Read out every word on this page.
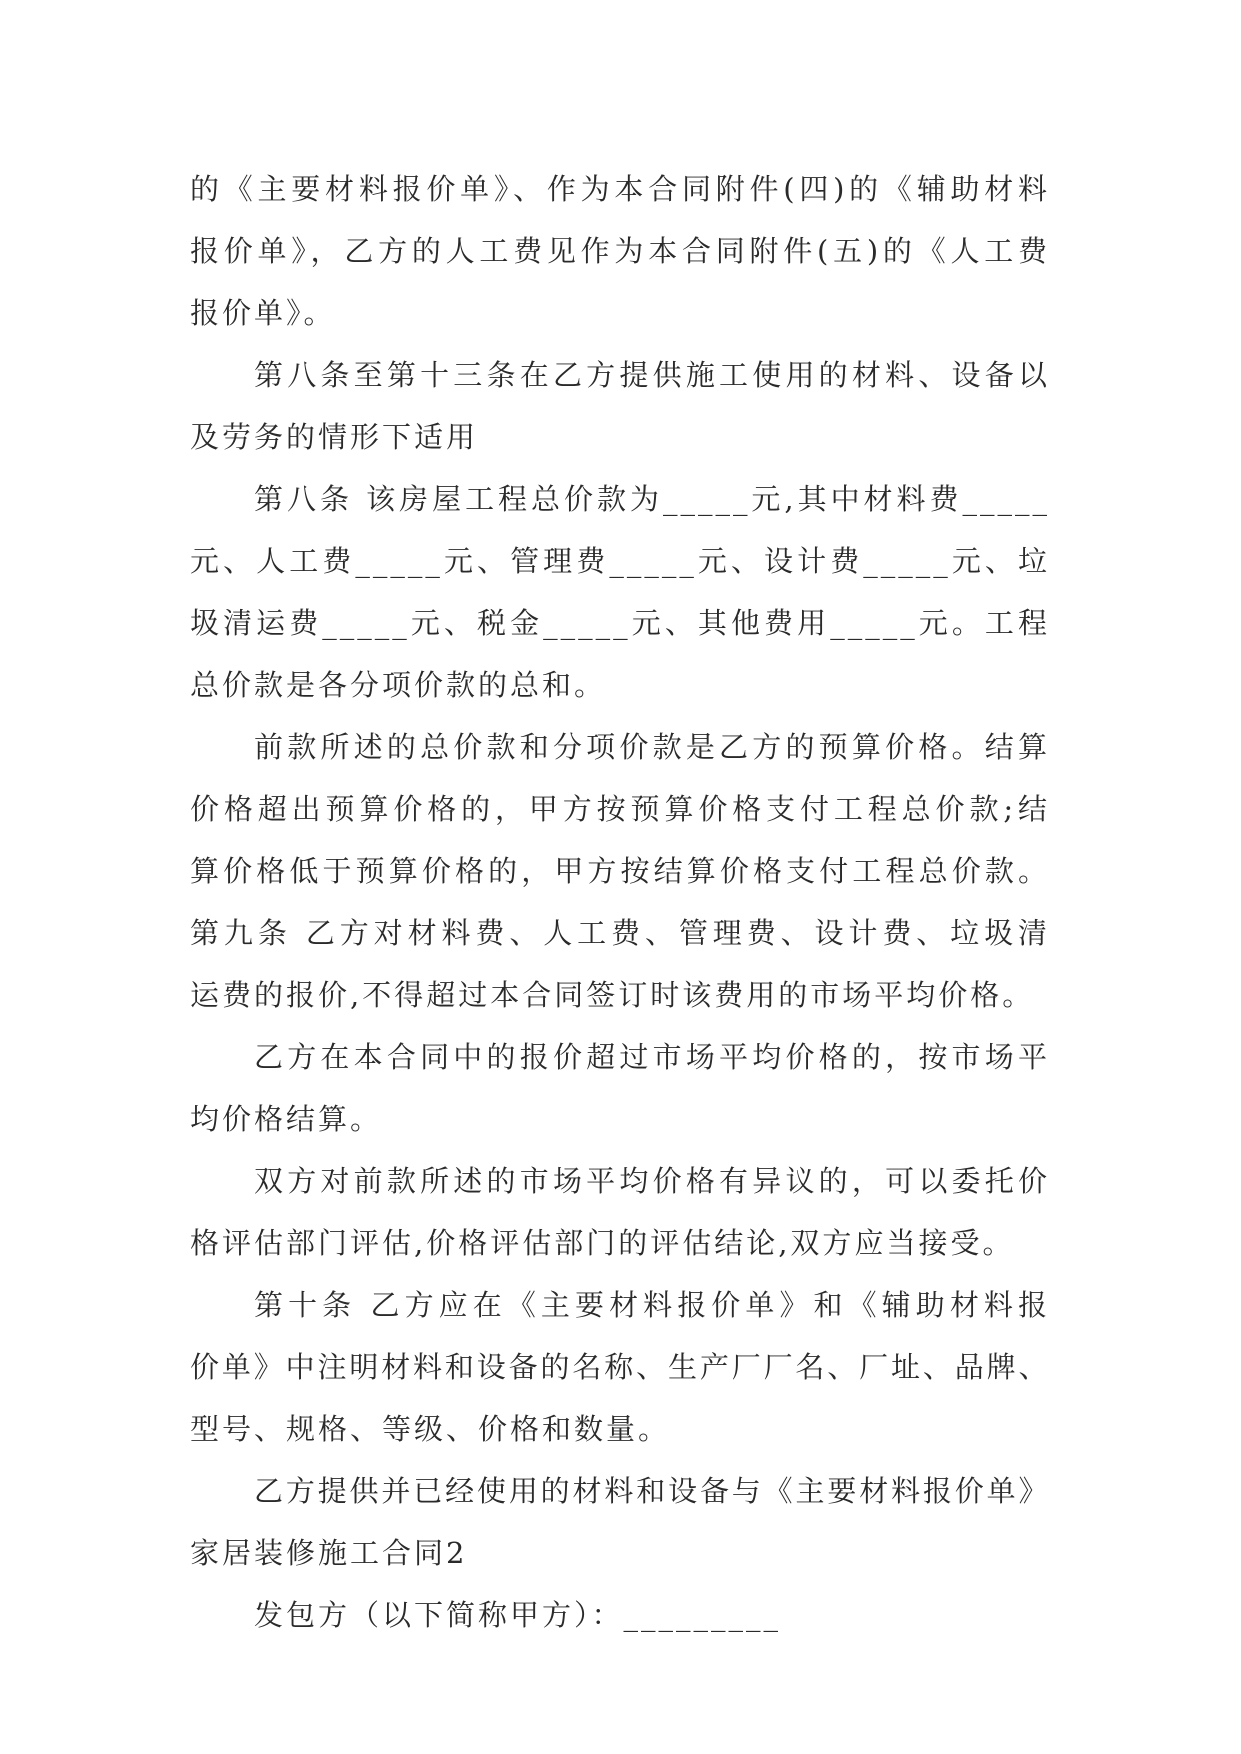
的《主要材料报价单》、作为本合同附件(四)的《辅助材料
报价单》，乙方的人工费见作为本合同附件(五)的《人工费
报价单》。
第八条至第十三条在乙方提供施工使用的材料、设备以
及劳务的情形下适用
第八条 该房屋工程总价款为_____元,其中材料费_____
元、人工费_____元、管理费_____元、设计费_____元、垃
圾清运费_____元、税金_____元、其他费用_____元。工程
总价款是各分项价款的总和。
前款所述的总价款和分项价款是乙方的预算价格。结算
价格超出预算价格的，甲方按预算价格支付工程总价款;结
算价格低于预算价格的，甲方按结算价格支付工程总价款。
第九条 乙方对材料费、人工费、管理费、设计费、垃圾清
运费的报价,不得超过本合同签订时该费用的市场平均价格。
乙方在本合同中的报价超过市场平均价格的，按市场平
均价格结算。
双方对前款所述的市场平均价格有异议的，可以委托价
格评估部门评估,价格评估部门的评估结论,双方应当接受。
第十条 乙方应在《主要材料报价单》和《辅助材料报
价单》中注明材料和设备的名称、生产厂厂名、厂址、品牌、
型号、规格、等级、价格和数量。
乙方提供并已经使用的材料和设备与《主要材料报价单》
家居装修施工合同2
发包方（以下简称甲方）：_________
